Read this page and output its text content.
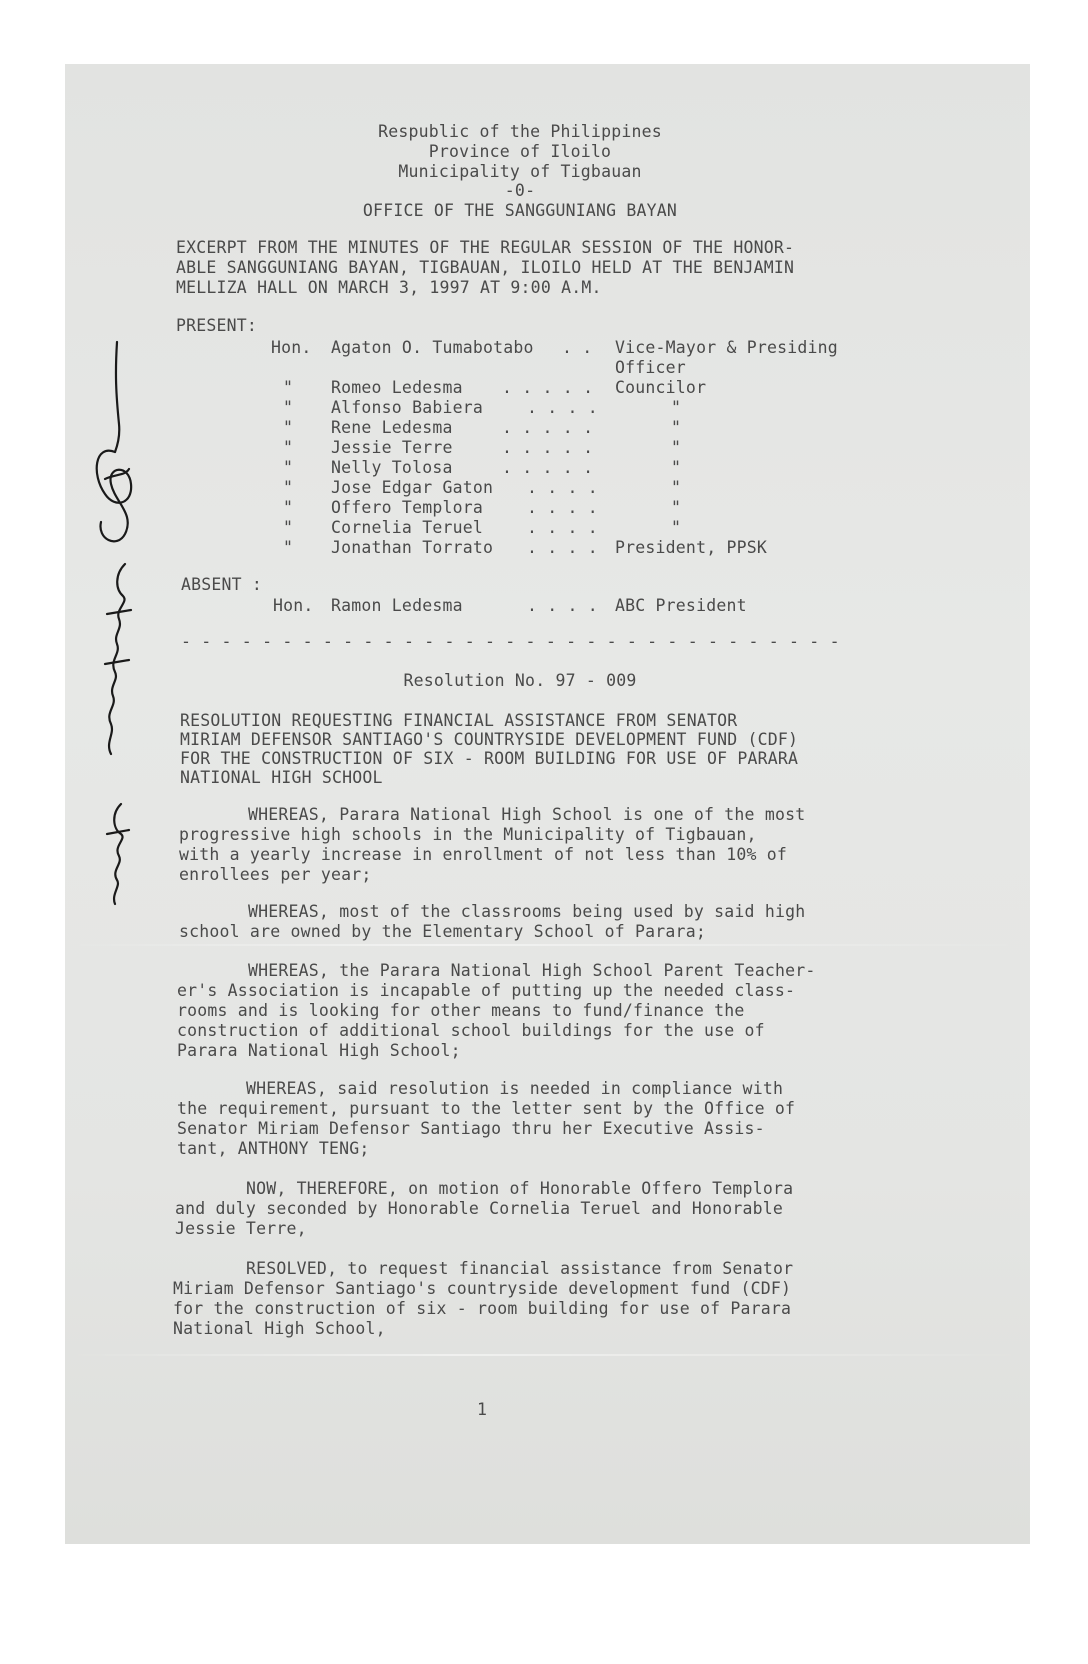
Respublic of the Philippines
Province of Iloilo
Municipality of Tigbauan
-0-
OFFICE OF THE SANGGUNIANG BAYAN
EXCERPT FROM THE MINUTES OF THE REGULAR SESSION OF THE HONOR-
ABLE SANGGUNIANG BAYAN, TIGBAUAN, ILOILO HELD AT THE BENJAMIN
MELLIZA HALL ON MARCH 3, 1997 AT 9:00 A.M.
PRESENT:
Hon. Agaton O. Tumabotabo . . Vice-Mayor & Presiding
Officer
" Romeo Ledesma . . . . . Councilor
" Alfonso Babiera	. . . .	"
" Rene Ledesma	. . . . .	"
" Jessie Terre	. . . . .	"
" Nelly Tolosa	. . . . .	"
" Jose Edgar Gaton . . . .	"
" Offero Templora	. . . .	"
" Cornelia Teruel	. . . .	"
" Jonathan Torrato . . . . President, PPSK
ABSENT :
Hon. Ramon Ledesma	. . . . ABC President
- - - - - - - - - - - - - - - - - - - - - - - - - - - - - - - - -
Resolution No. 97 - 009
RESOLUTION REQUESTING FINANCIAL ASSISTANCE FROM SENATOR
MIRIAM DEFENSOR SANTIAGO'S COUNTRYSIDE DEVELOPMENT FUND (CDF)
FOR THE CONSTRUCTION OF SIX - ROOM BUILDING FOR USE OF PARARA
NATIONAL HIGH SCHOOL
WHEREAS, Parara National High School is one of the most
progressive high schools in the Municipality of Tigbauan,
with a yearly increase in enrollment of not less than 10% of
enrollees per year;
WHEREAS, most of the classrooms being used by said high
school are owned by the Elementary School of Parara;
WHEREAS, the Parara National High School Parent Teacher-
er's Association is incapable of putting up the needed class-
rooms and is looking for other means to fund/finance the
construction of additional school buildings for the use of
Parara National High School;
WHEREAS, said resolution is needed in compliance with
the requirement, pursuant to the letter sent by the Office of
Senator Miriam Defensor Santiago thru her Executive Assis-
tant, ANTHONY TENG;
NOW, THEREFORE, on motion of Honorable Offero Templora
and duly seconded by Honorable Cornelia Teruel and Honorable
Jessie Terre,
RESOLVED, to request financial assistance from Senator
Miriam Defensor Santiago's countryside development fund (CDF)
for the construction of six - room building for use of Parara
National High School,
1
